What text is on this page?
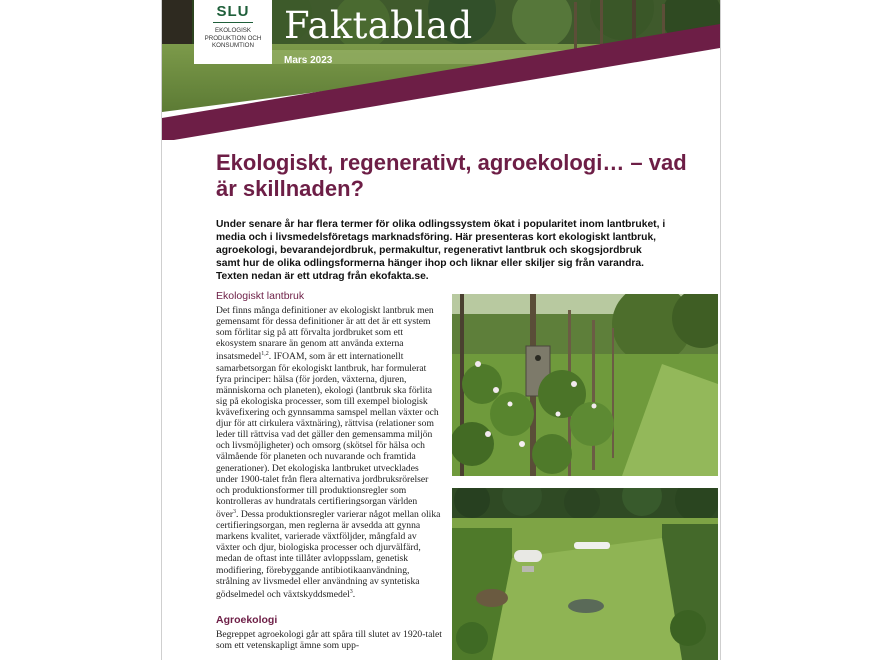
SLU
EKOLOGISK PRODUKTION OCH KONSUMTION Faktablad
Mars 2023
Ekologiskt, regenerativt, agroekologi… – vad är skillnaden?

Under senare år har flera termer för olika odlingssystem ökat i popularitet inom lantbruket, i media och i livsmedelsföretags marknadsföring. Här presenteras kort ekologiskt lantbruk, agroekologi, bevarandejordbruk, permakultur, regenerativt lantbruk och skogsjordbruk samt hur de olika odlingsformerna hänger ihop och liknar eller skiljer sig från varandra. Texten nedan är ett utdrag från ekofakta.se.

Ekologiskt lantbruk

Det finns många definitioner av ekologiskt lantbruk men gemensamt för dessa definitioner är att det är ett system som förlitar sig på att förvalta jordbruket som ett ekosystem snarare än genom att använda externa insatsmedel$^{1,2}$. IFOAM, som är ett internationellt samarbetsorgan för ekologiskt lantbruk, har formulerat fyra principer: hälsa (för jorden, växterna, djuren, människorna och planeten), ekologi (lantbruk ska förlita sig på ekologiska processer, som till exempel biologisk kvävefixering och gynnsamma samspel mellan växter och djur för att cirkulera växtnäring), rättvisa (relationer som leder till rättvisa vad det gäller den gemensamma miljön och livsmöjligheter) och omsorg (skötsel för hälsa och välmående för planeten och nuvarande och framtida generationer). Det ekologiska lantbruket utvecklades under 1900-talet från flera alternativa jordbruksrörelser och produktionsformer till produktionsregler som kontrolleras av hundratals certifieringsorgan världen över$^3$. Dessa produktionsregler varierar något mellan olika certifieringsorgan, men reglerna är avsedda att gynna markens kvalitet, varierade växtföljder, mångfald av växter och djur, biologiska processer och djurvälfärd, medan de oftast inte tillåter avloppsslam, genetisk modifiering, förebyggande antibiotikaanvändning, strålning av livsmedel eller användning av syntetiska gödselmedel och växtskyddsmedel$^3$.

Agroekologi

Begreppet agroekologi går att spåra till slutet av 1920-talet som ett vetenskapligt ämne som upp-
